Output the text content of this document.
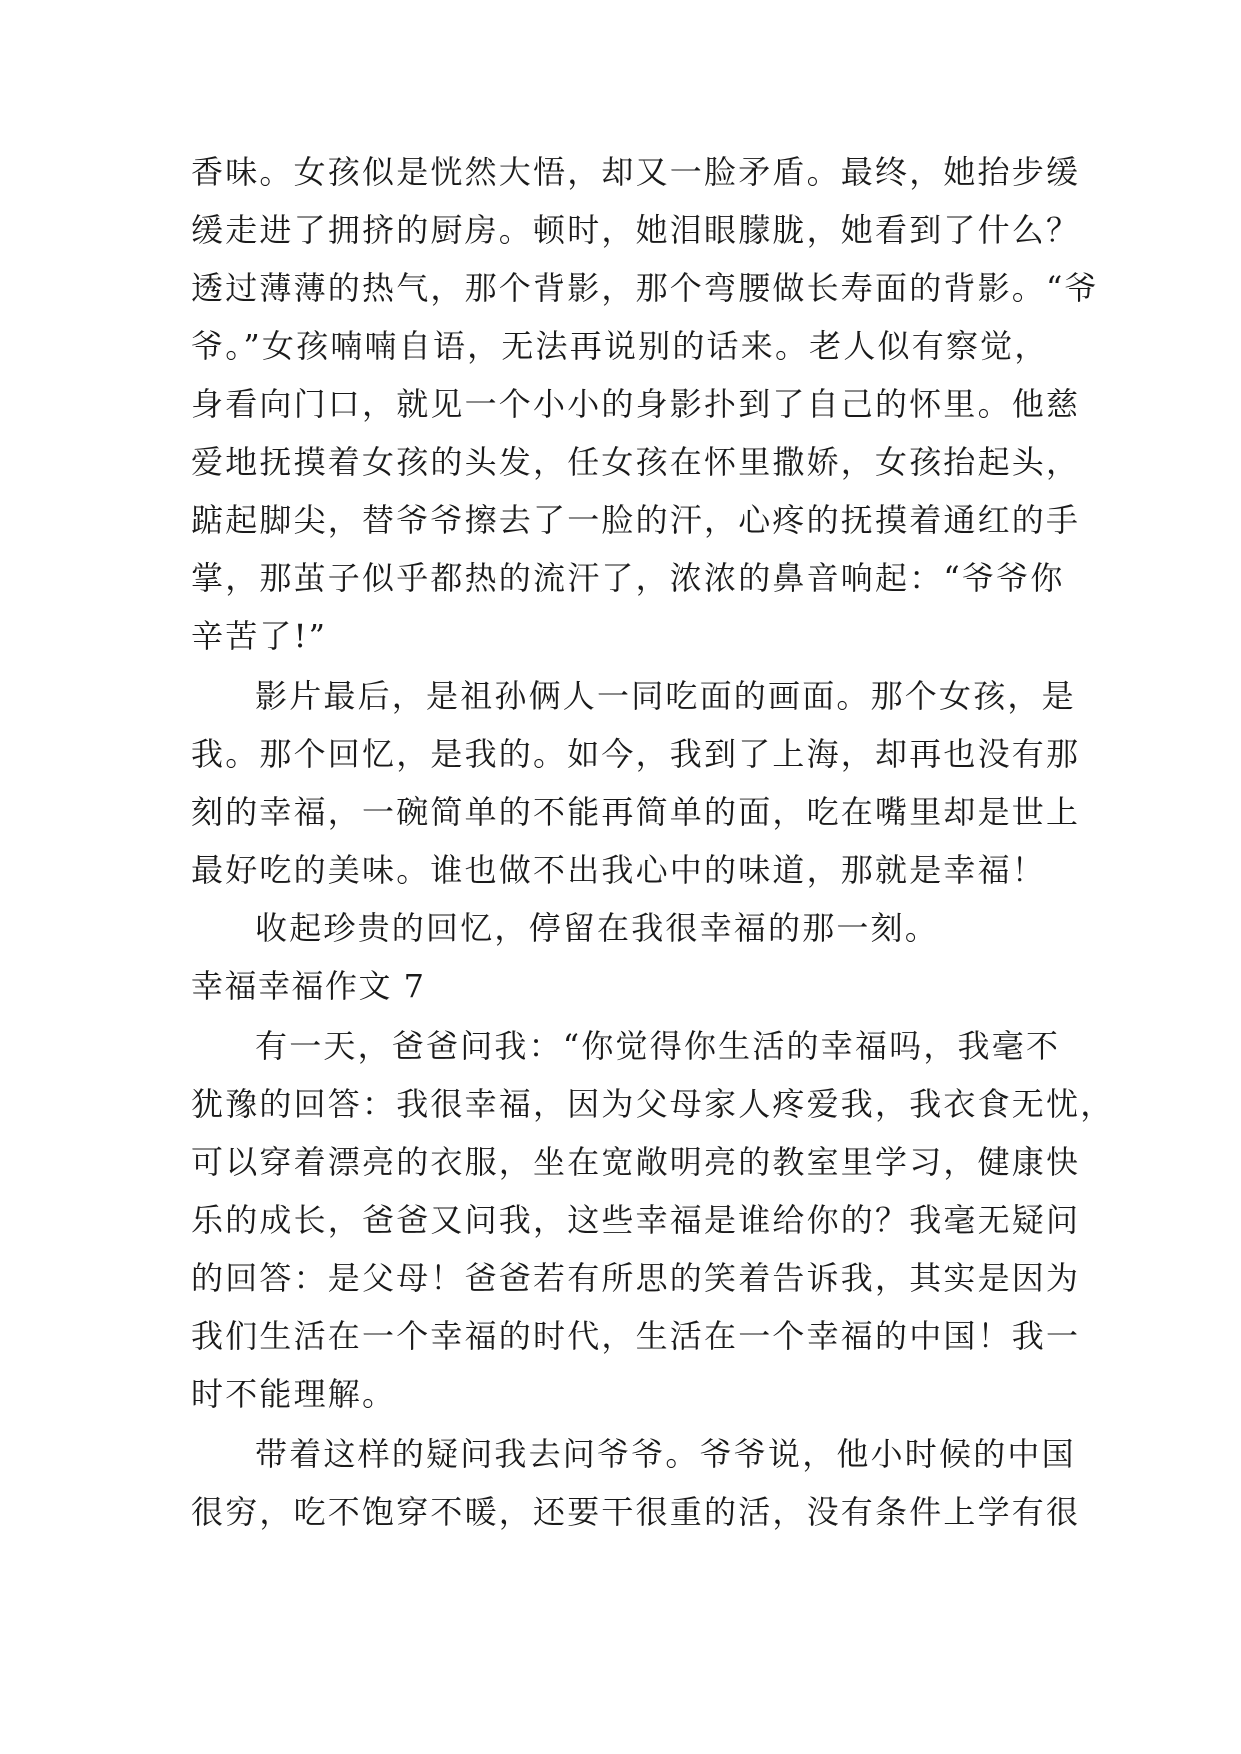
香味。女孩似是恍然大悟，却又一脸矛盾。最终，她抬步缓
缓走进了拥挤的厨房。顿时，她泪眼朦胧，她看到了什么？
透过薄薄的热气，那个背影，那个弯腰做长寿面的背影。“爷
爷。”女孩喃喃自语，无法再说别的话来。老人似有察觉，
身看向门口，就见一个小小的身影扑到了自己的怀里。他慈
爱地抚摸着女孩的头发，任女孩在怀里撒娇，女孩抬起头，
踮起脚尖，替爷爷擦去了一脸的汗，心疼的抚摸着通红的手
掌，那茧子似乎都热的流汗了，浓浓的鼻音响起：“爷爷你
辛苦了!”
影片最后，是祖孙俩人一同吃面的画面。那个女孩，是
我。那个回忆，是我的。如今，我到了上海，却再也没有那
刻的幸福，一碗简单的不能再简单的面，吃在嘴里却是世上
最好吃的美味。谁也做不出我心中的味道，那就是幸福！
收起珍贵的回忆，停留在我很幸福的那一刻。
幸福幸福作文 7
有一天，爸爸问我：“你觉得你生活的幸福吗，我毫不
犹豫的回答：我很幸福，因为父母家人疼爱我，我衣食无忧，
可以穿着漂亮的衣服，坐在宽敞明亮的教室里学习，健康快
乐的成长，爸爸又问我，这些幸福是谁给你的？我毫无疑问
的回答：是父母！爸爸若有所思的笑着告诉我，其实是因为
我们生活在一个幸福的时代，生活在一个幸福的中国！我一
时不能理解。
带着这样的疑问我去问爷爷。爷爷说，他小时候的中国
很穷，吃不饱穿不暖，还要干很重的活，没有条件上学有很
